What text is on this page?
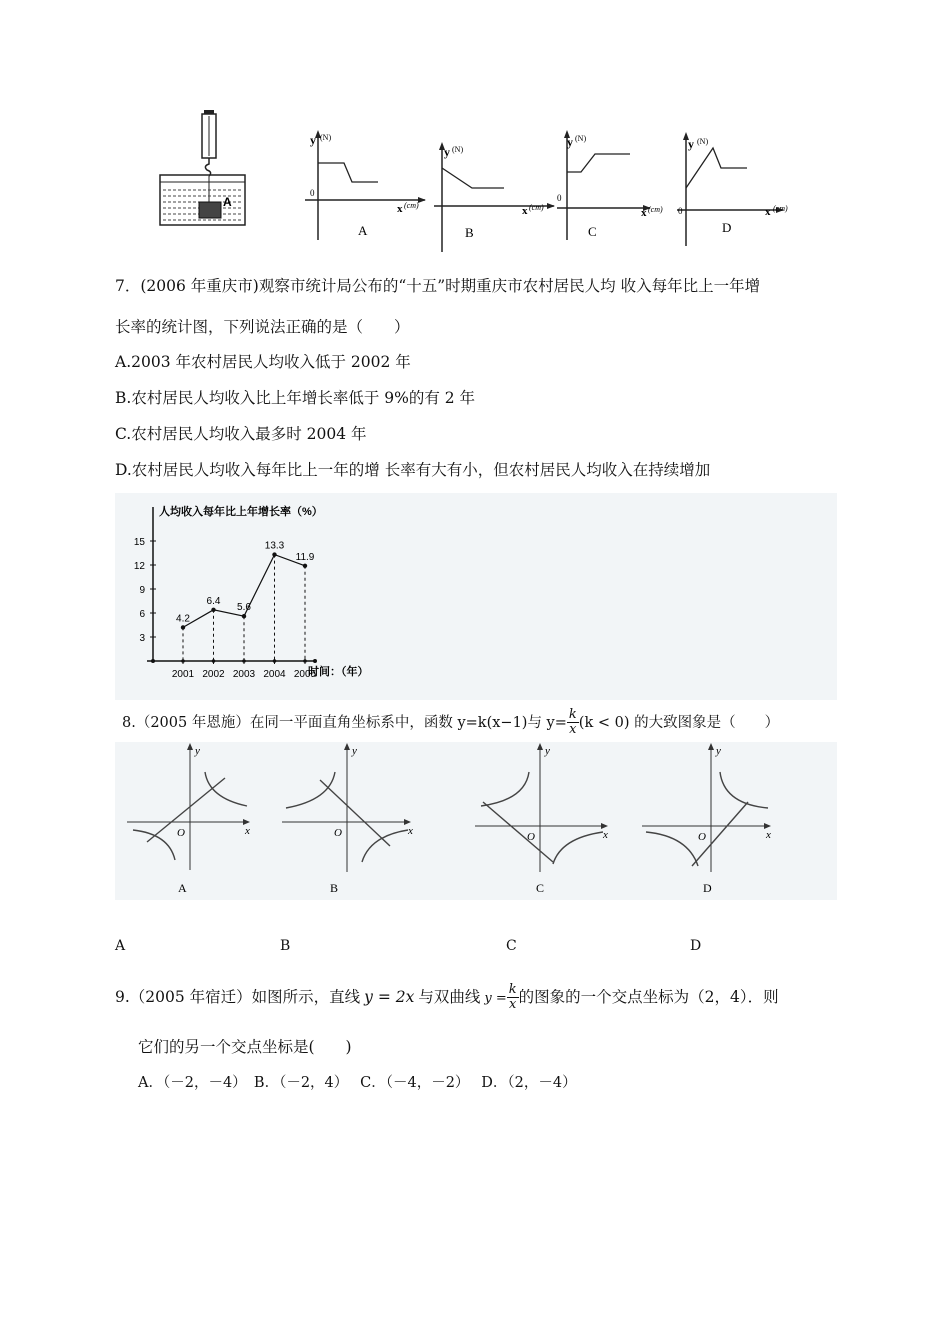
A
y (N)
0
x (cm)
A
y (N)
x (cm)
B
y (N)
0
x (cm)
C
y (N)
0	x (cm)
D
7．(2006 年重庆市)观察市统计局公布的“十五”时期重庆市农村居民人均 收入每年比上一年增
长率的统计图，下列说法正确的是（　　）
A.2003 年农村居民人均收入低于 2002 年
B.农村居民人均收入比上年增长率低于 9%的有 2 年
C.农村居民人均收入最多时 2004 年
D.农村居民人均收入每年比上一年的增 长率有大有小，但农村居民人均收入在持续增加
人均收入每年比上年增长率（%）
时间：（年）
3
6
9
12
15
2001 2002 2003 2004 2005
4.2
6.4
5.6
13.3
11.9
8.（2005 年恩施）在同一平面直角坐标系中，函数 y=k(x−1)与 $y= \frac{k}{x} (k < 0)$ 的大致图象是（　　）
y
x
O
A
y
x
O
B
y
x
O
C
y
x
O
D
A	B	C	D
9.（2005 年宿迁）如图所示，直线 y = 2x 与双曲线 $y = \frac{k}{x}$ 的图象的一个交点坐标为（2，4）．则
它们的另一个交点坐标是(　　)
A．（－2，－4）　B．（－2，4）　 C．（－4，－2）　 D．（2，－4）
